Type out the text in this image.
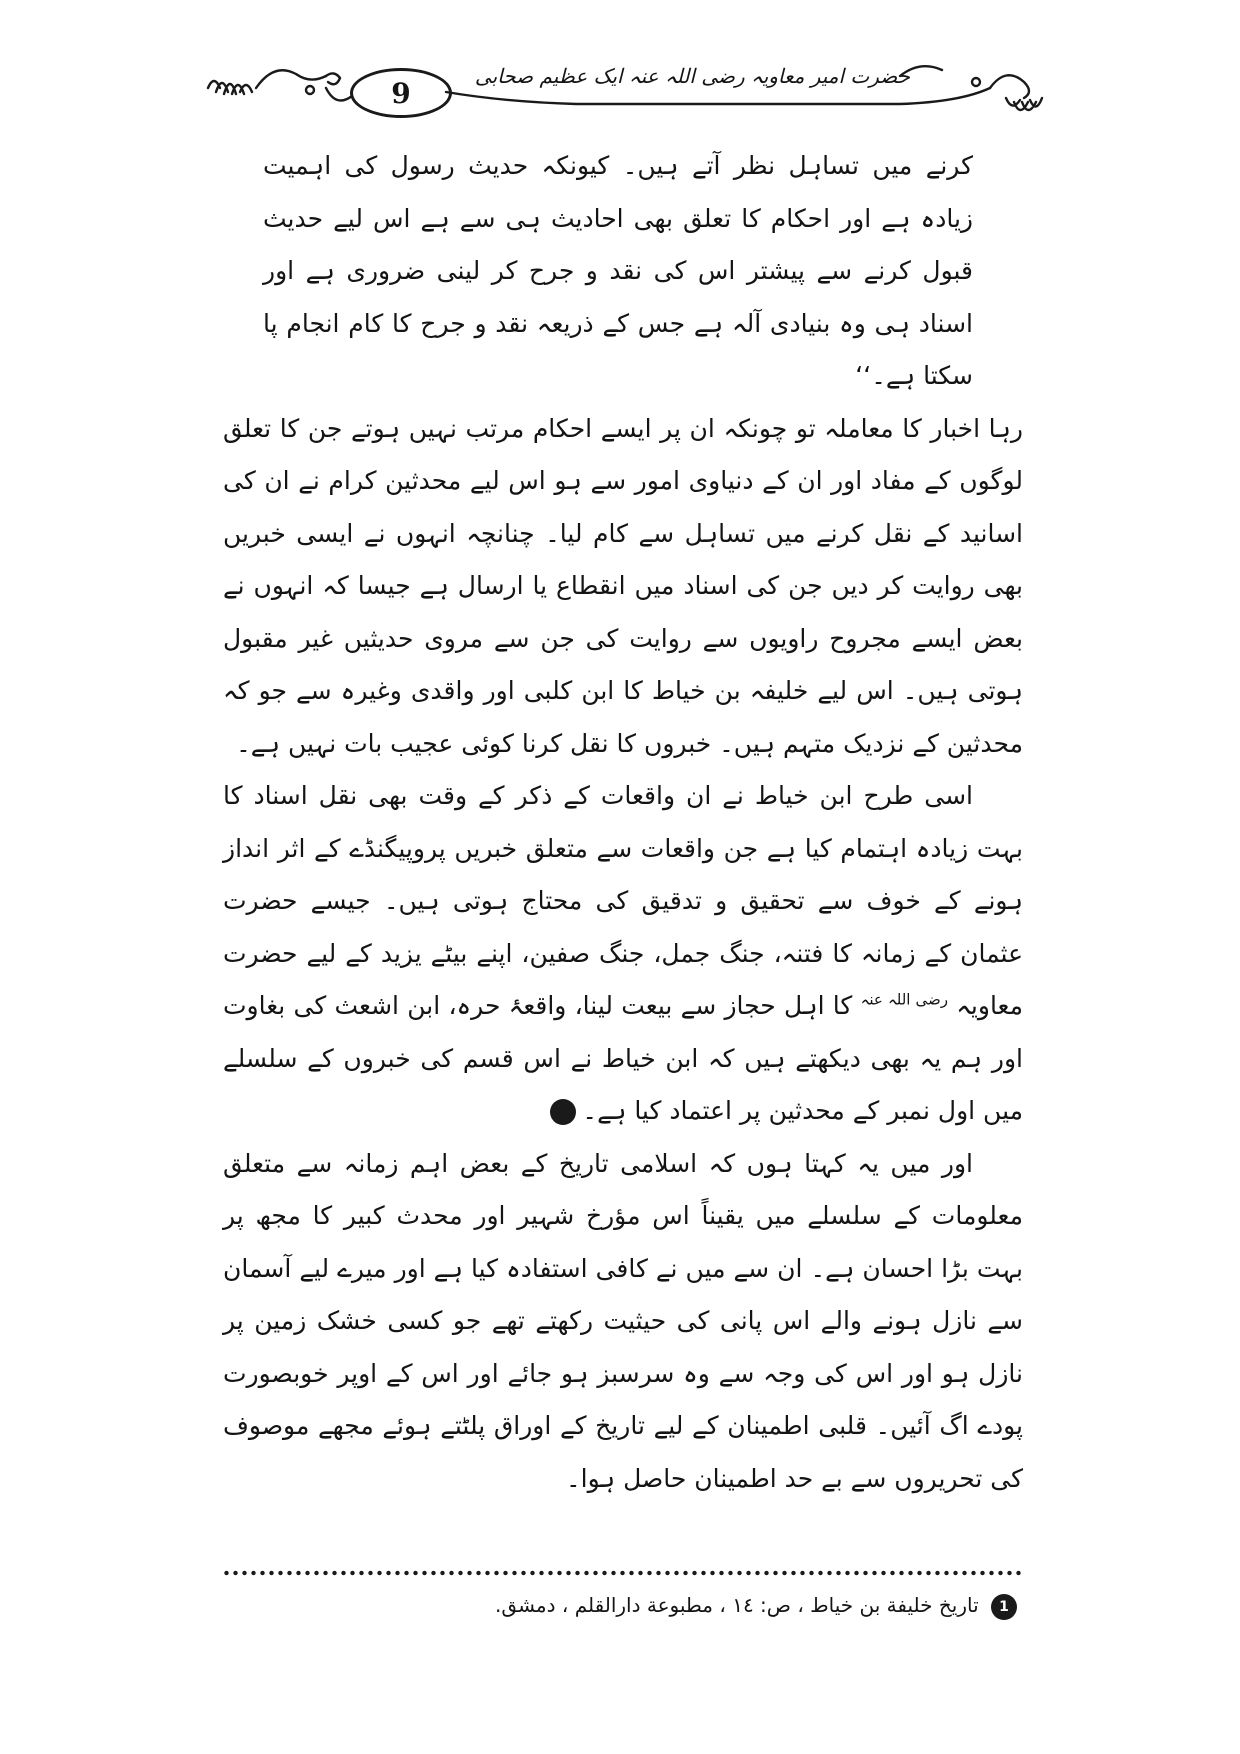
9
حضرت امیر معاویہ رضی اللہ عنہ ایک عظیم صحابی

کرنے میں تساہل نظر آتے ہیں۔ کیونکہ حدیث رسول کی اہمیت زیادہ ہے اور احکام کا تعلق بھی احادیث ہی سے ہے اس لیے حدیث قبول کرنے سے پیشتر اس کی نقد و جرح کر لینی ضروری ہے اور اسناد ہی وہ بنیادی آلہ ہے جس کے ذریعہ نقد و جرح کا کام انجام پا سکتا ہے۔‘‘

رہا اخبار کا معاملہ تو چونکہ ان پر ایسے احکام مرتب نہیں ہوتے جن کا تعلق لوگوں کے مفاد اور ان کے دنیاوی امور سے ہو اس لیے محدثین کرام نے ان کی اسانید کے نقل کرنے میں تساہل سے کام لیا۔ چنانچہ انہوں نے ایسی خبریں بھی روایت کر دیں جن کی اسناد میں انقطاع یا ارسال ہے جیسا کہ انہوں نے بعض ایسے مجروح راویوں سے روایت کی جن سے مروی حدیثیں غیر مقبول ہوتی ہیں۔ اس لیے خلیفہ بن خیاط کا ابن کلبی اور واقدی وغیرہ سے جو کہ محدثین کے نزدیک متہم ہیں۔ خبروں کا نقل کرنا کوئی عجیب بات نہیں ہے۔

اسی طرح ابن خیاط نے ان واقعات کے ذکر کے وقت بھی نقل اسناد کا بہت زیادہ اہتمام کیا ہے جن واقعات سے متعلق خبریں پروپیگنڈے کے اثر انداز ہونے کے خوف سے تحقیق و تدقیق کی محتاج ہوتی ہیں۔ جیسے حضرت عثمان کے زمانہ کا فتنہ، جنگ جمل، جنگ صفین، اپنے بیٹے یزید کے لیے حضرت معاویہ $^{رضی اللہ عنہ}$ کا اہل حجاز سے بیعت لینا، واقعۂ حرہ، ابن اشعث کی بغاوت اور ہم یہ بھی دیکھتے ہیں کہ ابن خیاط نے اس قسم کی خبروں کے سلسلے میں اول نمبر کے محدثین پر اعتماد کیا ہے۔1

اور میں یہ کہتا ہوں کہ اسلامی تاریخ کے بعض اہم زمانہ سے متعلق معلومات کے سلسلے میں یقیناً اس مؤرخ شہیر اور محدث کبیر کا مجھ پر بہت بڑا احسان ہے۔ ان سے میں نے کافی استفادہ کیا ہے اور میرے لیے آسمان سے نازل ہونے والے اس پانی کی حیثیت رکھتے تھے جو کسی خشک زمین پر نازل ہو اور اس کی وجہ سے وہ سرسبز ہو جائے اور اس کے اوپر خوبصورت پودے اگ آئیں۔ قلبی اطمینان کے لیے تاریخ کے اوراق پلٹتے ہوئے مجھے موصوف کی تحریروں سے بے حد اطمینان حاصل ہوا۔

1 تاریخ خليفة بن خياط ، ص: ١٤ ، مطبوعة دارالقلم ، دمشق.
